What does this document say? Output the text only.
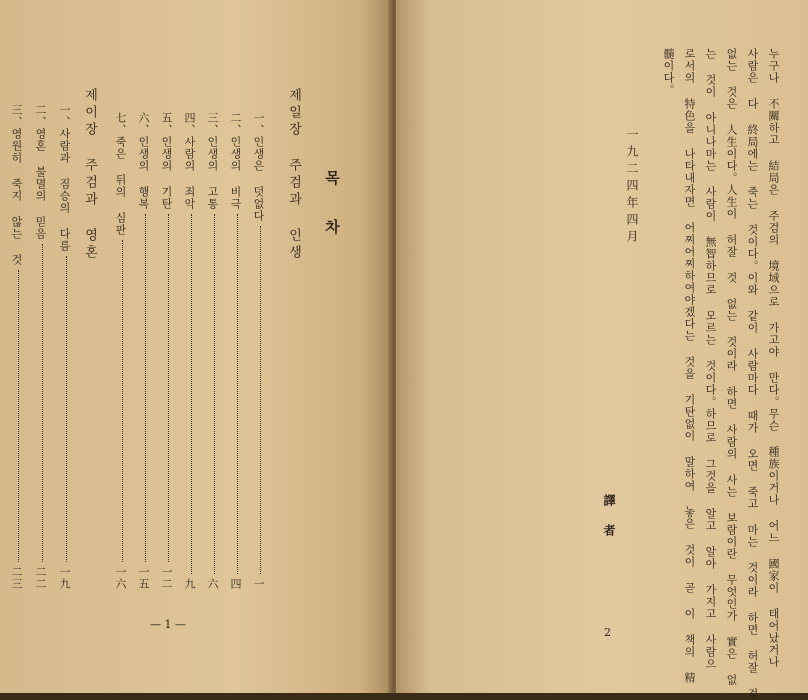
목 차
제일장 주검과 인생
一、인생은 덧없다
一
二、인생의 비극
四
三、인생의 고통
六
四、사람의 죄악
九
五、인생의 기탄
一二
六、인생의 행복
一五
七、죽은 뒤의 심판
一六
제이장 주검과 영혼
一、사람과 짐승의 다름
一九
二、영혼 불멸의 믿음
二二
三、영원히 죽지 않는 것
二三
— 1 —	누구나 不關하고 結局은 주검의 境域으로 가고야 만다。무슨 種族이거나 어느 國家이 태어났거나
사람은 다 終局에는 죽는 것이다。이와 같이 사람마다 때가 오면 죽고 마는 것이라 하면 허잘 것
없는 것은 人生이다。人生이 허잘 것 없는 것이라 하면 사람의 사는 보람이란 무엇인가 實은 없
는 것이 아니나마는 사람이 無智하므로 모르는 것이다。하므로 그것을 알고 알아 가지고 사람으
로서의 特色을 나타내자면 어찌어찌하여야겠다는 것을 기탄없이 말하여 놓은 것이 곧 이 책의 精
髓이다。
一九二四年四月
譯者
2
